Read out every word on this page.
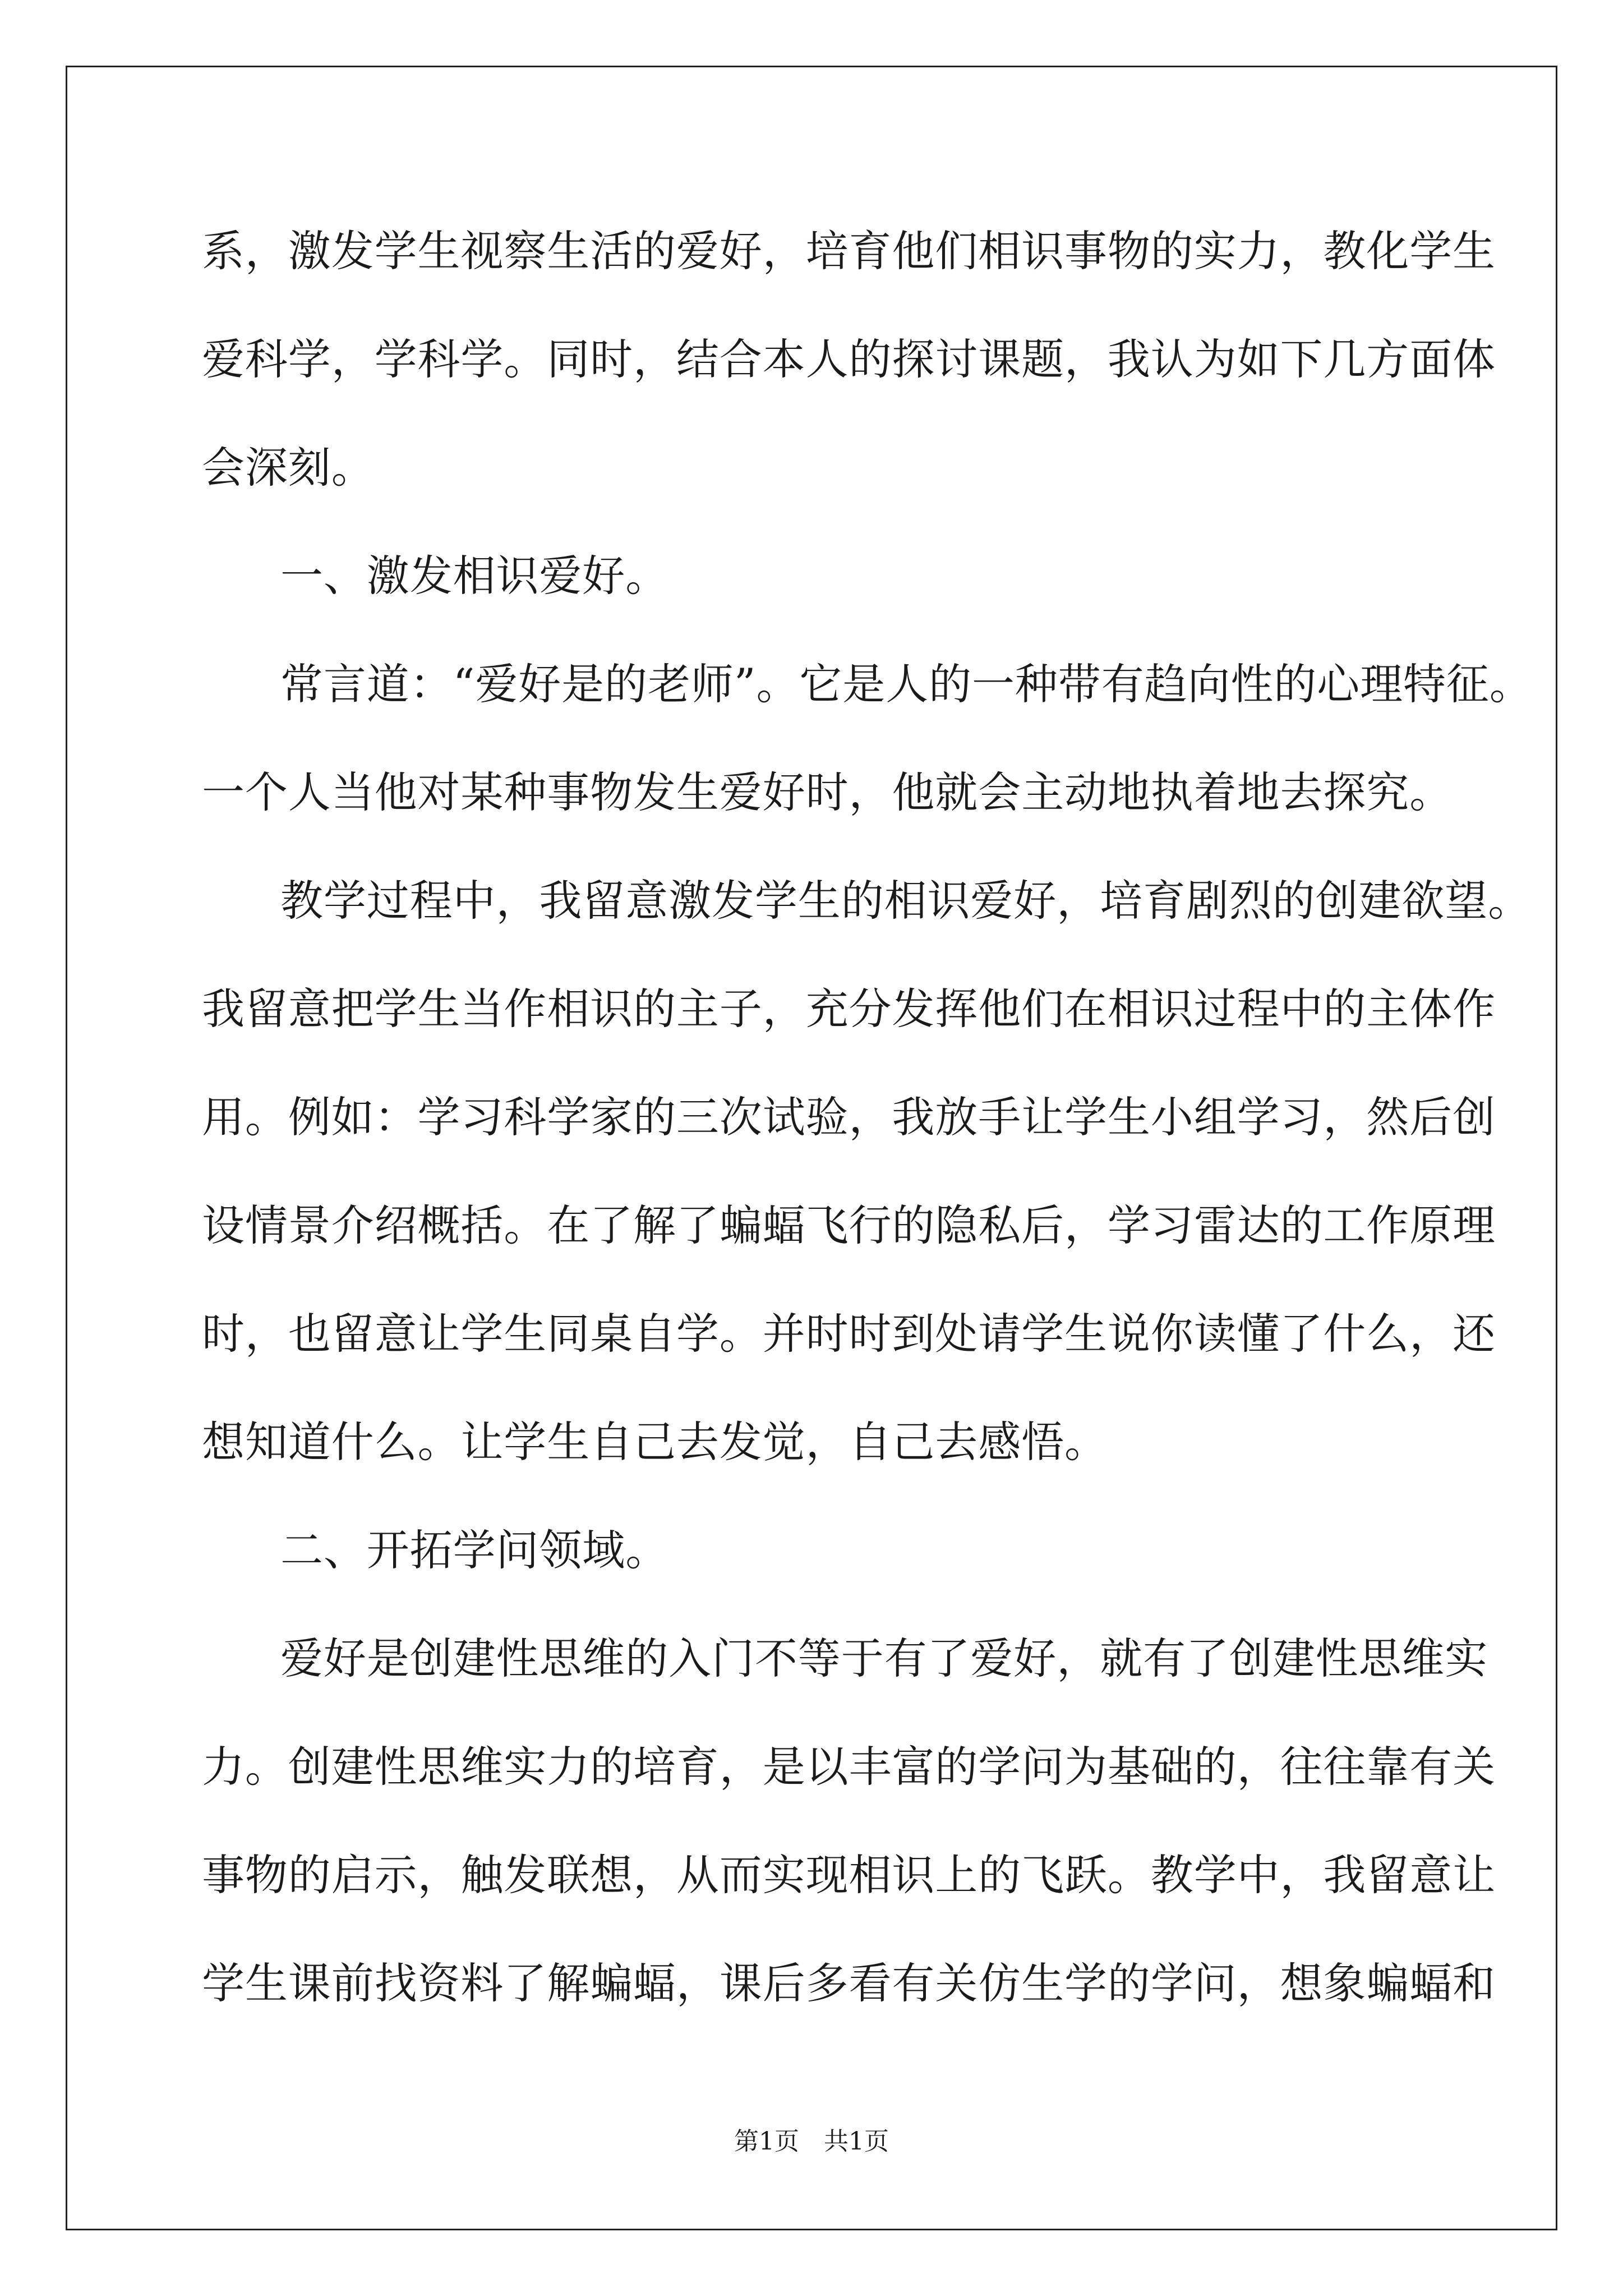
系，激发学生视察生活的爱好，培育他们相识事物的实力，教化学生

爱科学，学科学。同时，结合本人的探讨课题，我认为如下几方面体

会深刻。

一、激发相识爱好。

常言道：“爱好是的老师”。它是人的一种带有趋向性的心理特征。

一个人当他对某种事物发生爱好时，他就会主动地执着地去探究。

教学过程中，我留意激发学生的相识爱好，培育剧烈的创建欲望。

我留意把学生当作相识的主子，充分发挥他们在相识过程中的主体作

用。例如：学习科学家的三次试验，我放手让学生小组学习，然后创

设情景介绍概括。在了解了蝙蝠飞行的隐私后，学习雷达的工作原理

时，也留意让学生同桌自学。并时时到处请学生说你读懂了什么，还

想知道什么。让学生自己去发觉，自己去感悟。

二、开拓学问领域。

爱好是创建性思维的入门不等于有了爱好，就有了创建性思维实

力。创建性思维实力的培育，是以丰富的学问为基础的，往往靠有关

事物的启示，触发联想，从而实现相识上的飞跃。教学中，我留意让

学生课前找资料了解蝙蝠，课后多看有关仿生学的学问，想象蝙蝠和

第1页　共1页
